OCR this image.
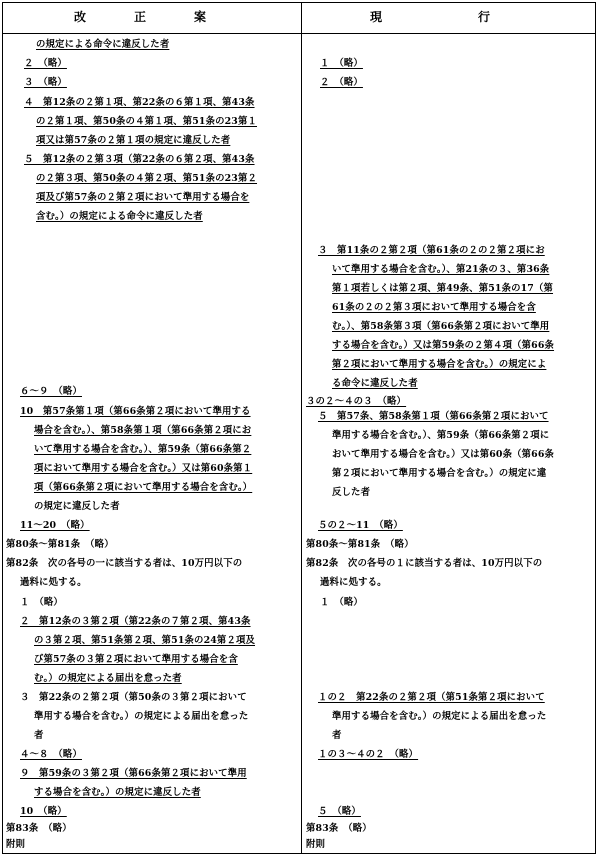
改　　　　正　　　　案	現　　　　　　　　行
の規定による命令に違反した者
２　（略）
３　（略）
４　第12条の２第１項、第22条の６第１項、第43条
の２第１項、第50条の４第１項、第51条の23第１
項又は第57条の２第１項の規定に違反した者
５　第12条の２第３項（第22条の６第２項、第43条
の２第３項、第50条の４第２項、第51条の23第２
項及び第57条の２第２項において準用する場合を
含む。）の規定による命令に違反した者
６～９　（略）
10　第57条第１項（第66条第２項において準用する
場合を含む。）、第58条第１項（第66条第２項にお
いて準用する場合を含む。）、第59条（第66条第２
項において準用する場合を含む。）又は第60条第１
項（第66条第２項において準用する場合を含む。）
の規定に違反した者
11～20　（略）
第80条～第81条　（略）
第82条　次の各号の一に該当する者は、10万円以下の
過料に処する。
１　（略）
２　第12条の３第２項（第22条の７第２項、第43条
の３第２項、第51条第２項、第51条の24第２項及
び第57条の３第２項において準用する場合を含
む。）の規定による届出を怠った者
３　第22条の２第２項（第50条の３第２項において
準用する場合を含む。）の規定による届出を怠った
者
４～８　（略）
９　第59条の３第２項（第66条第２項において準用
する場合を含む。）の規定に違反した者
10　（略）
第83条　（略）
附則
１　（略）
２　（略）
３　第11条の２第２項（第61条の２の２第２項にお
いて準用する場合を含む。）、第21条の３、第36条
第１項若しくは第２項、第49条、第51条の17（第
61条の２の２第３項において準用する場合を含
む。）、第58条第３項（第66条第２項において準用
する場合を含む。）又は第59条の２第４項（第66条
第２項において準用する場合を含む。）の規定によ
る命令に違反した者
３の２～４の３　（略）
５　第57条、第58条第１項（第66条第２項において
準用する場合を含む。）、第59条（第66条第２項に
おいて準用する場合を含む。）又は第60条（第66条
第２項において準用する場合を含む。）の規定に違
反した者
５の２～11　（略）
第80条～第81条　（略）
第82条　次の各号の１に該当する者は、10万円以下の
過料に処する。
１　（略）
１の２　第22条の２第２項（第51条第２項において
準用する場合を含む。）の規定による届出を怠った
者
１の３～４の２　（略）
５　（略）
第83条　（略）
附則
